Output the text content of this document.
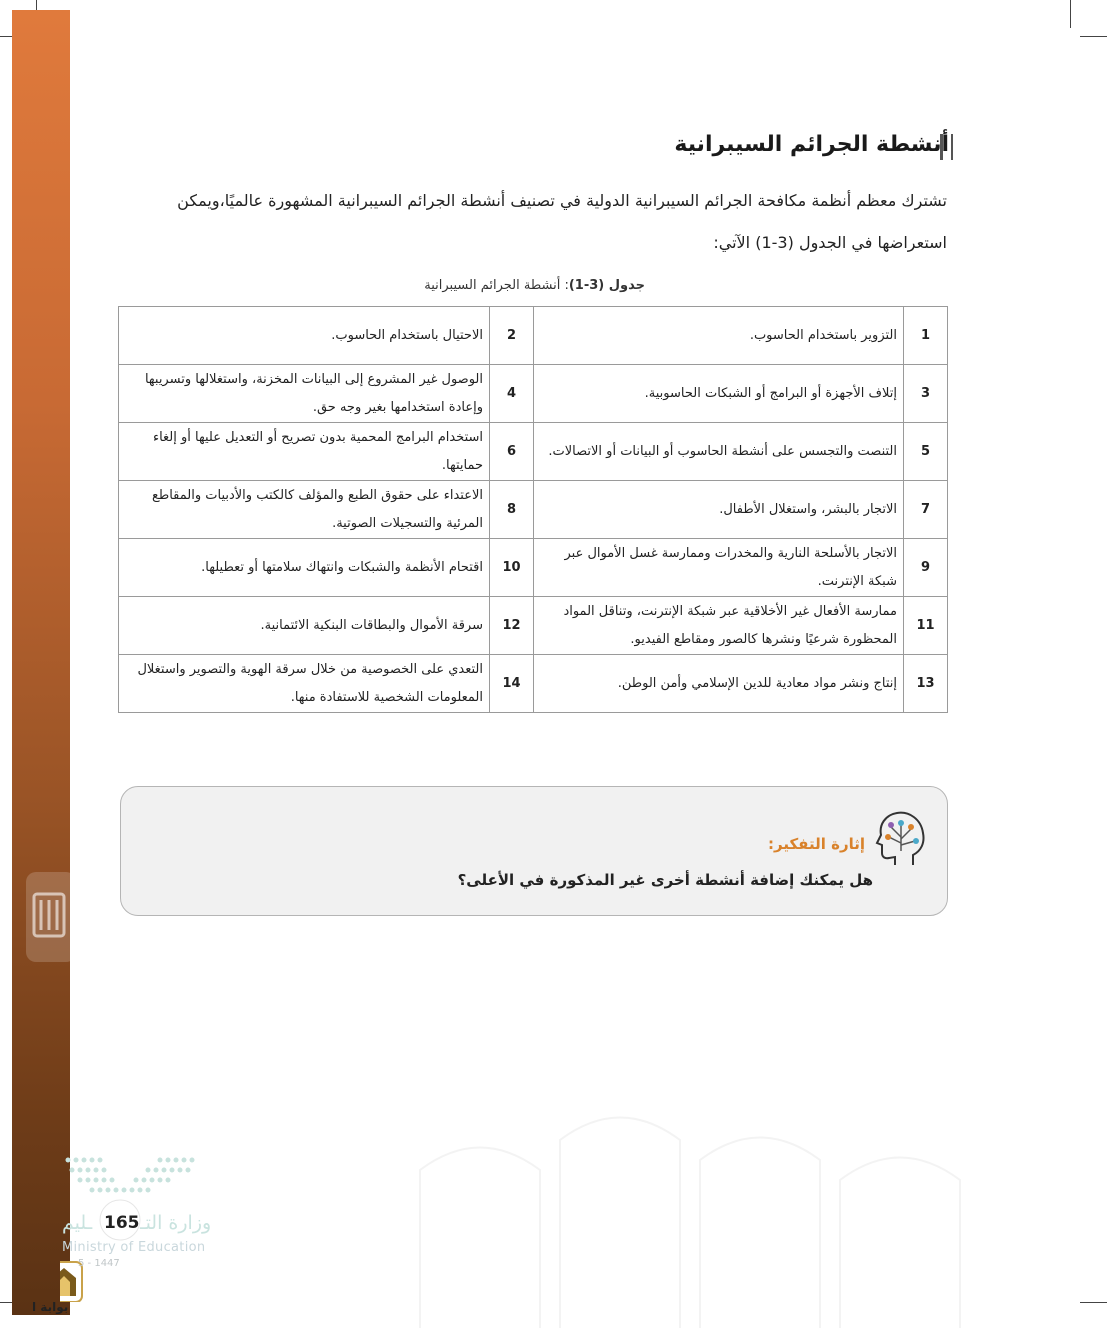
أنشطة الجرائم السيبرانية
تشترك معظم أنظمة مكافحة الجرائم السيبرانية الدولية في تصنيف أنشطة الجرائم السيبرانية المشهورة عالميًا،ويمكن
استعراضها في الجدول (3-1) الآتي:
جدول (3-1): أنشطة الجرائم السيبرانية
1	التزوير باستخدام الحاسوب.	2	الاحتيال باستخدام الحاسوب.
3	إتلاف الأجهزة أو البرامج أو الشبكات الحاسوبية.	4	الوصول غير المشروع إلى البيانات المخزنة، واستغلالها وتسريبها وإعادة استخدامها بغير وجه حق.
5	التنصت والتجسس على أنشطة الحاسوب أو البيانات أو الاتصالات.	6	استخدام البرامج المحمية بدون تصريح أو التعديل عليها أو إلغاء حمايتها.
7	الاتجار بالبشر، واستغلال الأطفال.	8	الاعتداء على حقوق الطبع والمؤلف كالكتب والأدبيات والمقاطع المرئية والتسجيلات الصوتية.
9	الاتجار بالأسلحة النارية والمخدرات وممارسة غسل الأموال عبر شبكة الإنترنت.	10	اقتحام الأنظمة والشبكات وانتهاك سلامتها أو تعطيلها.
11	ممارسة الأفعال غير الأخلاقية عبر شبكة الإنترنت، وتناقل المواد المحظورة شرعيًا ونشرها كالصور ومقاطع الفيديو.	12	سرقة الأموال والبطاقات البنكية الائتمانية.
13	إنتاج ونشر مواد معادية للدين الإسلامي وأمن الوطن.	14	التعدي على الخصوصية من خلال سرقة الهوية والتصوير واستغلال المعلومات الشخصية للاستفادة منها.
إثارة التفكير:
هل يمكنك إضافة أنشطة أخرى غير المذكورة في الأعلى؟
وزارة التـ
ـليم 165
Ministry of Education
5 - 1447
بوابة ا
